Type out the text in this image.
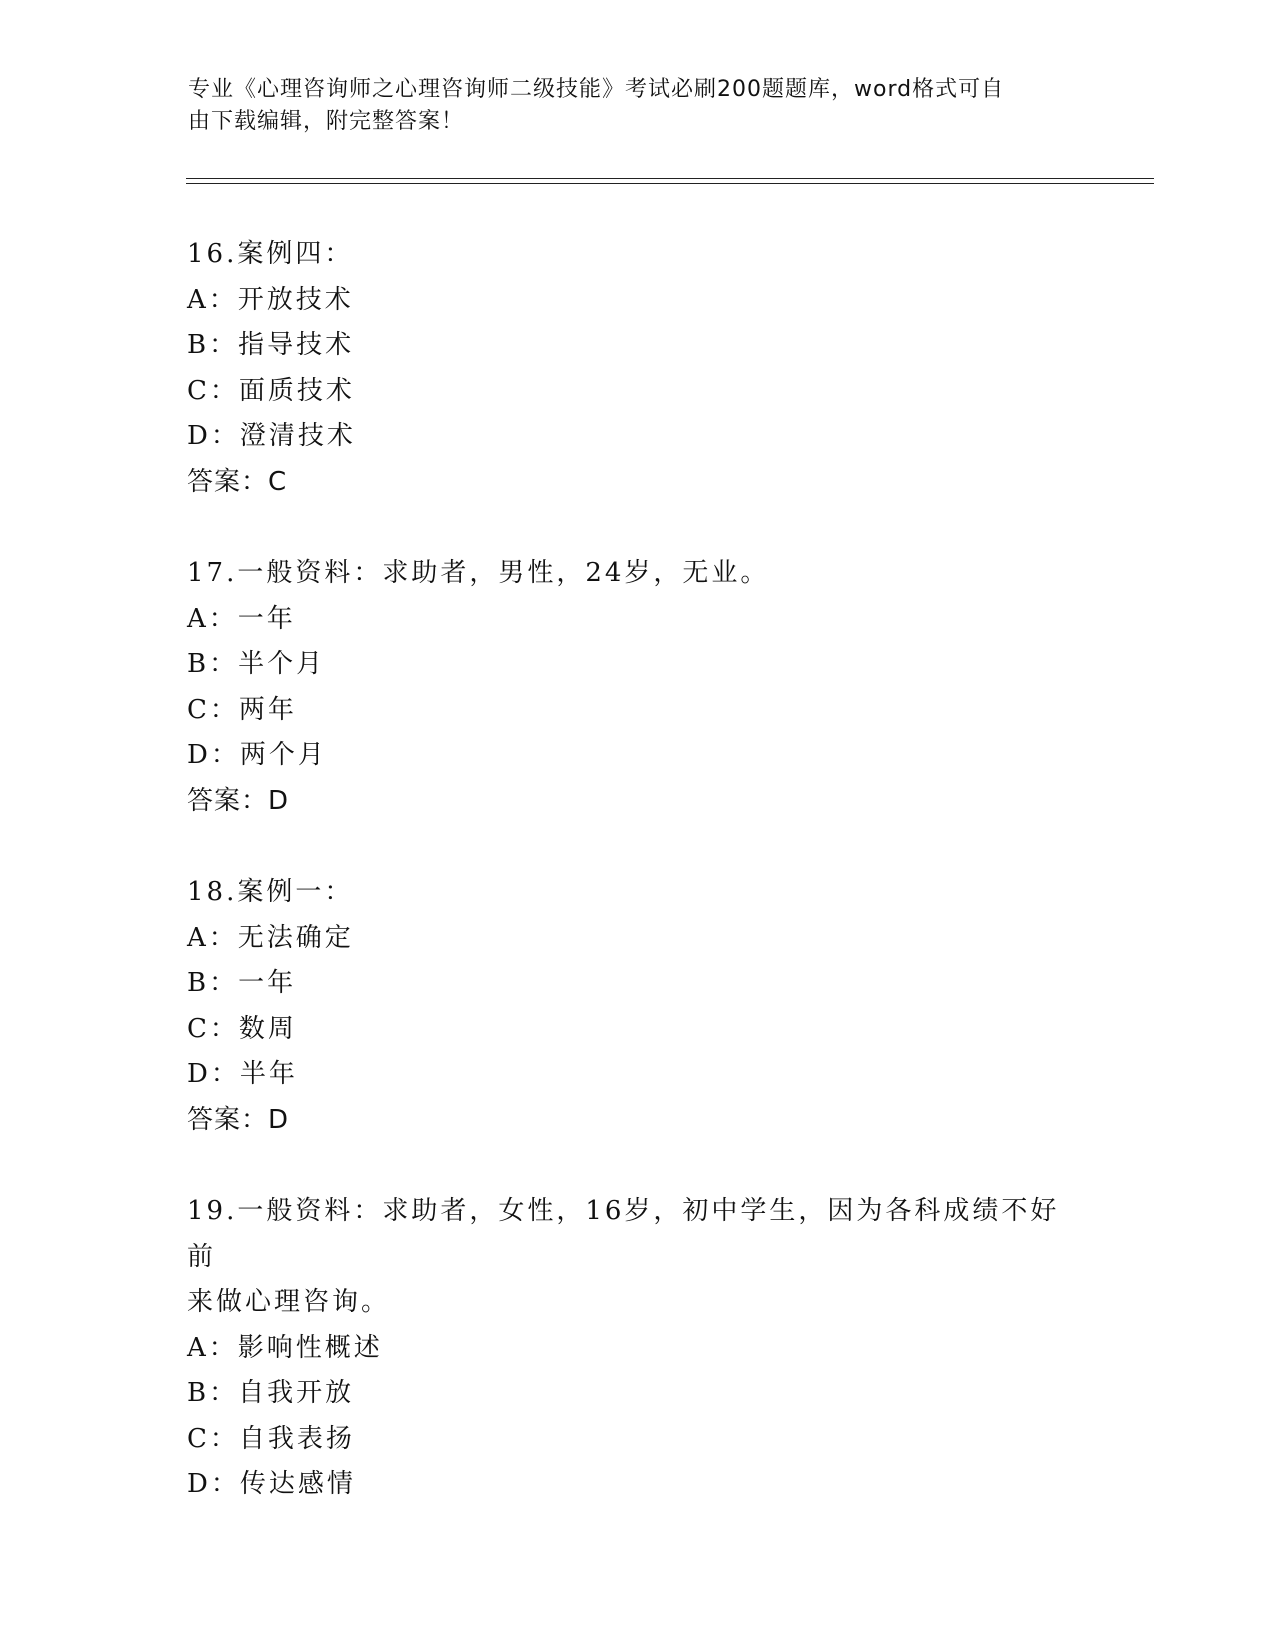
专业《心理咨询师之心理咨询师二级技能》考试必刷200题题库，word格式可自
由下载编辑，附完整答案！
16.案例四：
A：开放技术
B：指导技术
C：面质技术
D：澄清技术
答案：C
17.一般资料：求助者，男性，24岁，无业。
A：一年
B：半个月
C：两年
D：两个月
答案：D
18.案例一：
A：无法确定
B：一年
C：数周
D：半年
答案：D
19.一般资料：求助者，女性，16岁，初中学生，因为各科成绩不好前
来做心理咨询。
A：影响性概述
B：自我开放
C：自我表扬
D：传达感情
